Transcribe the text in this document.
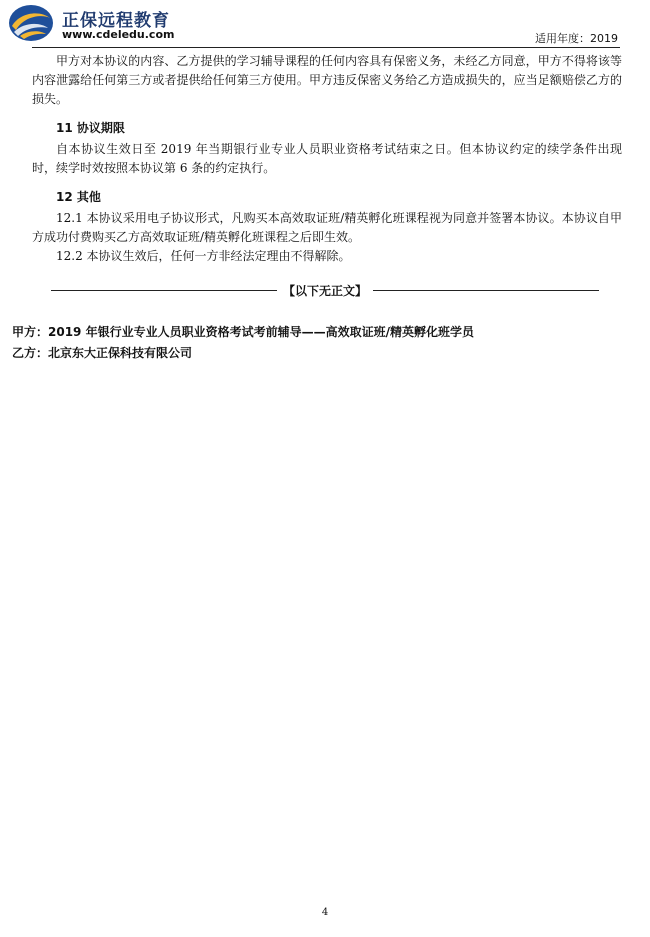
正保远程教育
www.cdeledu.com	适用年度：2019

甲方对本协议的内容、乙方提供的学习辅导课程的任何内容具有保密义务，未经乙方同意，甲方不得将该等内容泄露给任何第三方或者提供给任何第三方使用。甲方违反保密义务给乙方造成损失的，应当足额赔偿乙方的损失。

11 协议期限

自本协议生效日至 2019 年当期银行业专业人员职业资格考试结束之日。但本协议约定的续学条件出现时，续学时效按照本协议第 6 条的约定执行。

12 其他

12.1 本协议采用电子协议形式，凡购买本高效取证班/精英孵化班课程视为同意并签署本协议。本协议自甲方成功付费购买乙方高效取证班/精英孵化班课程之后即生效。

12.2 本协议生效后，任何一方非经法定理由不得解除。

【以下无正文】
甲方：2019 年银行业专业人员职业资格考试考前辅导——高效取证班/精英孵化班学员
乙方：北京东大正保科技有限公司
4
